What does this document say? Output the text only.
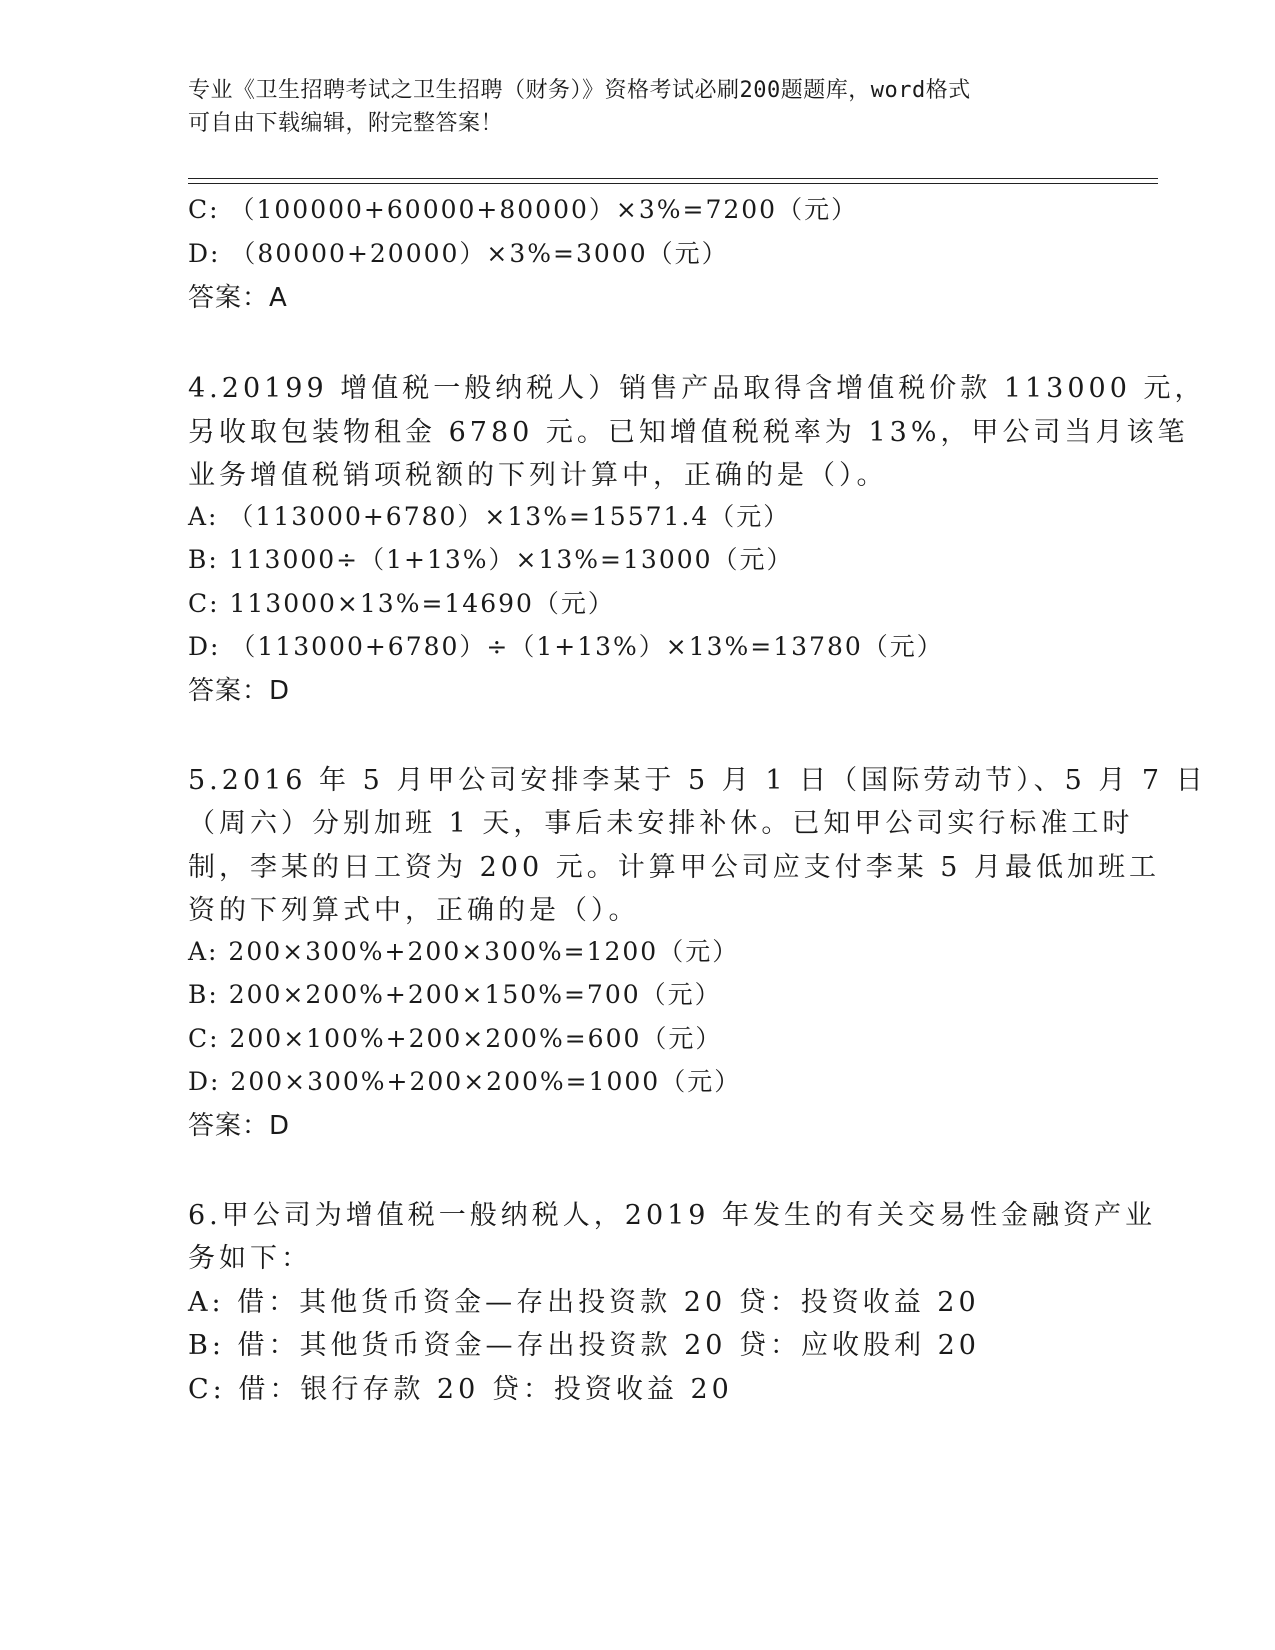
专业《卫生招聘考试之卫生招聘（财务）》资格考试必刷200题题库，word格式
可自由下载编辑，附完整答案！
C: （100000+60000+80000）×3%=7200（元）
D: （80000+20000）×3%=3000（元）
答案：A
4.20199 增值税一般纳税人）销售产品取得含增值税价款 113000 元，
另收取包装物租金 6780 元。已知增值税税率为 13%，甲公司当月该笔
业务增值税销项税额的下列计算中，正确的是（）。
A: （113000+6780）×13%=15571.4（元）
B: 113000÷（1+13%）×13%=13000（元）
C: 113000×13%=14690（元）
D: （113000+6780）÷（1+13%）×13%=13780（元）
答案：D
5.2016 年 5 月甲公司安排李某于 5 月 1 日（国际劳动节）、5 月 7 日
（周六）分别加班 1 天，事后未安排补休。已知甲公司实行标准工时
制，李某的日工资为 200 元。计算甲公司应支付李某 5 月最低加班工
资的下列算式中，正确的是（）。
A: 200×300%+200×300%=1200（元）
B: 200×200%+200×150%=700（元）
C: 200×100%+200×200%=600（元）
D: 200×300%+200×200%=1000（元）
答案：D
6.甲公司为增值税一般纳税人，2019 年发生的有关交易性金融资产业
务如下：
A: 借：其他货币资金—存出投资款 20 贷：投资收益 20
B: 借：其他货币资金—存出投资款 20 贷：应收股利 20
C: 借：银行存款 20 贷：投资收益 20
